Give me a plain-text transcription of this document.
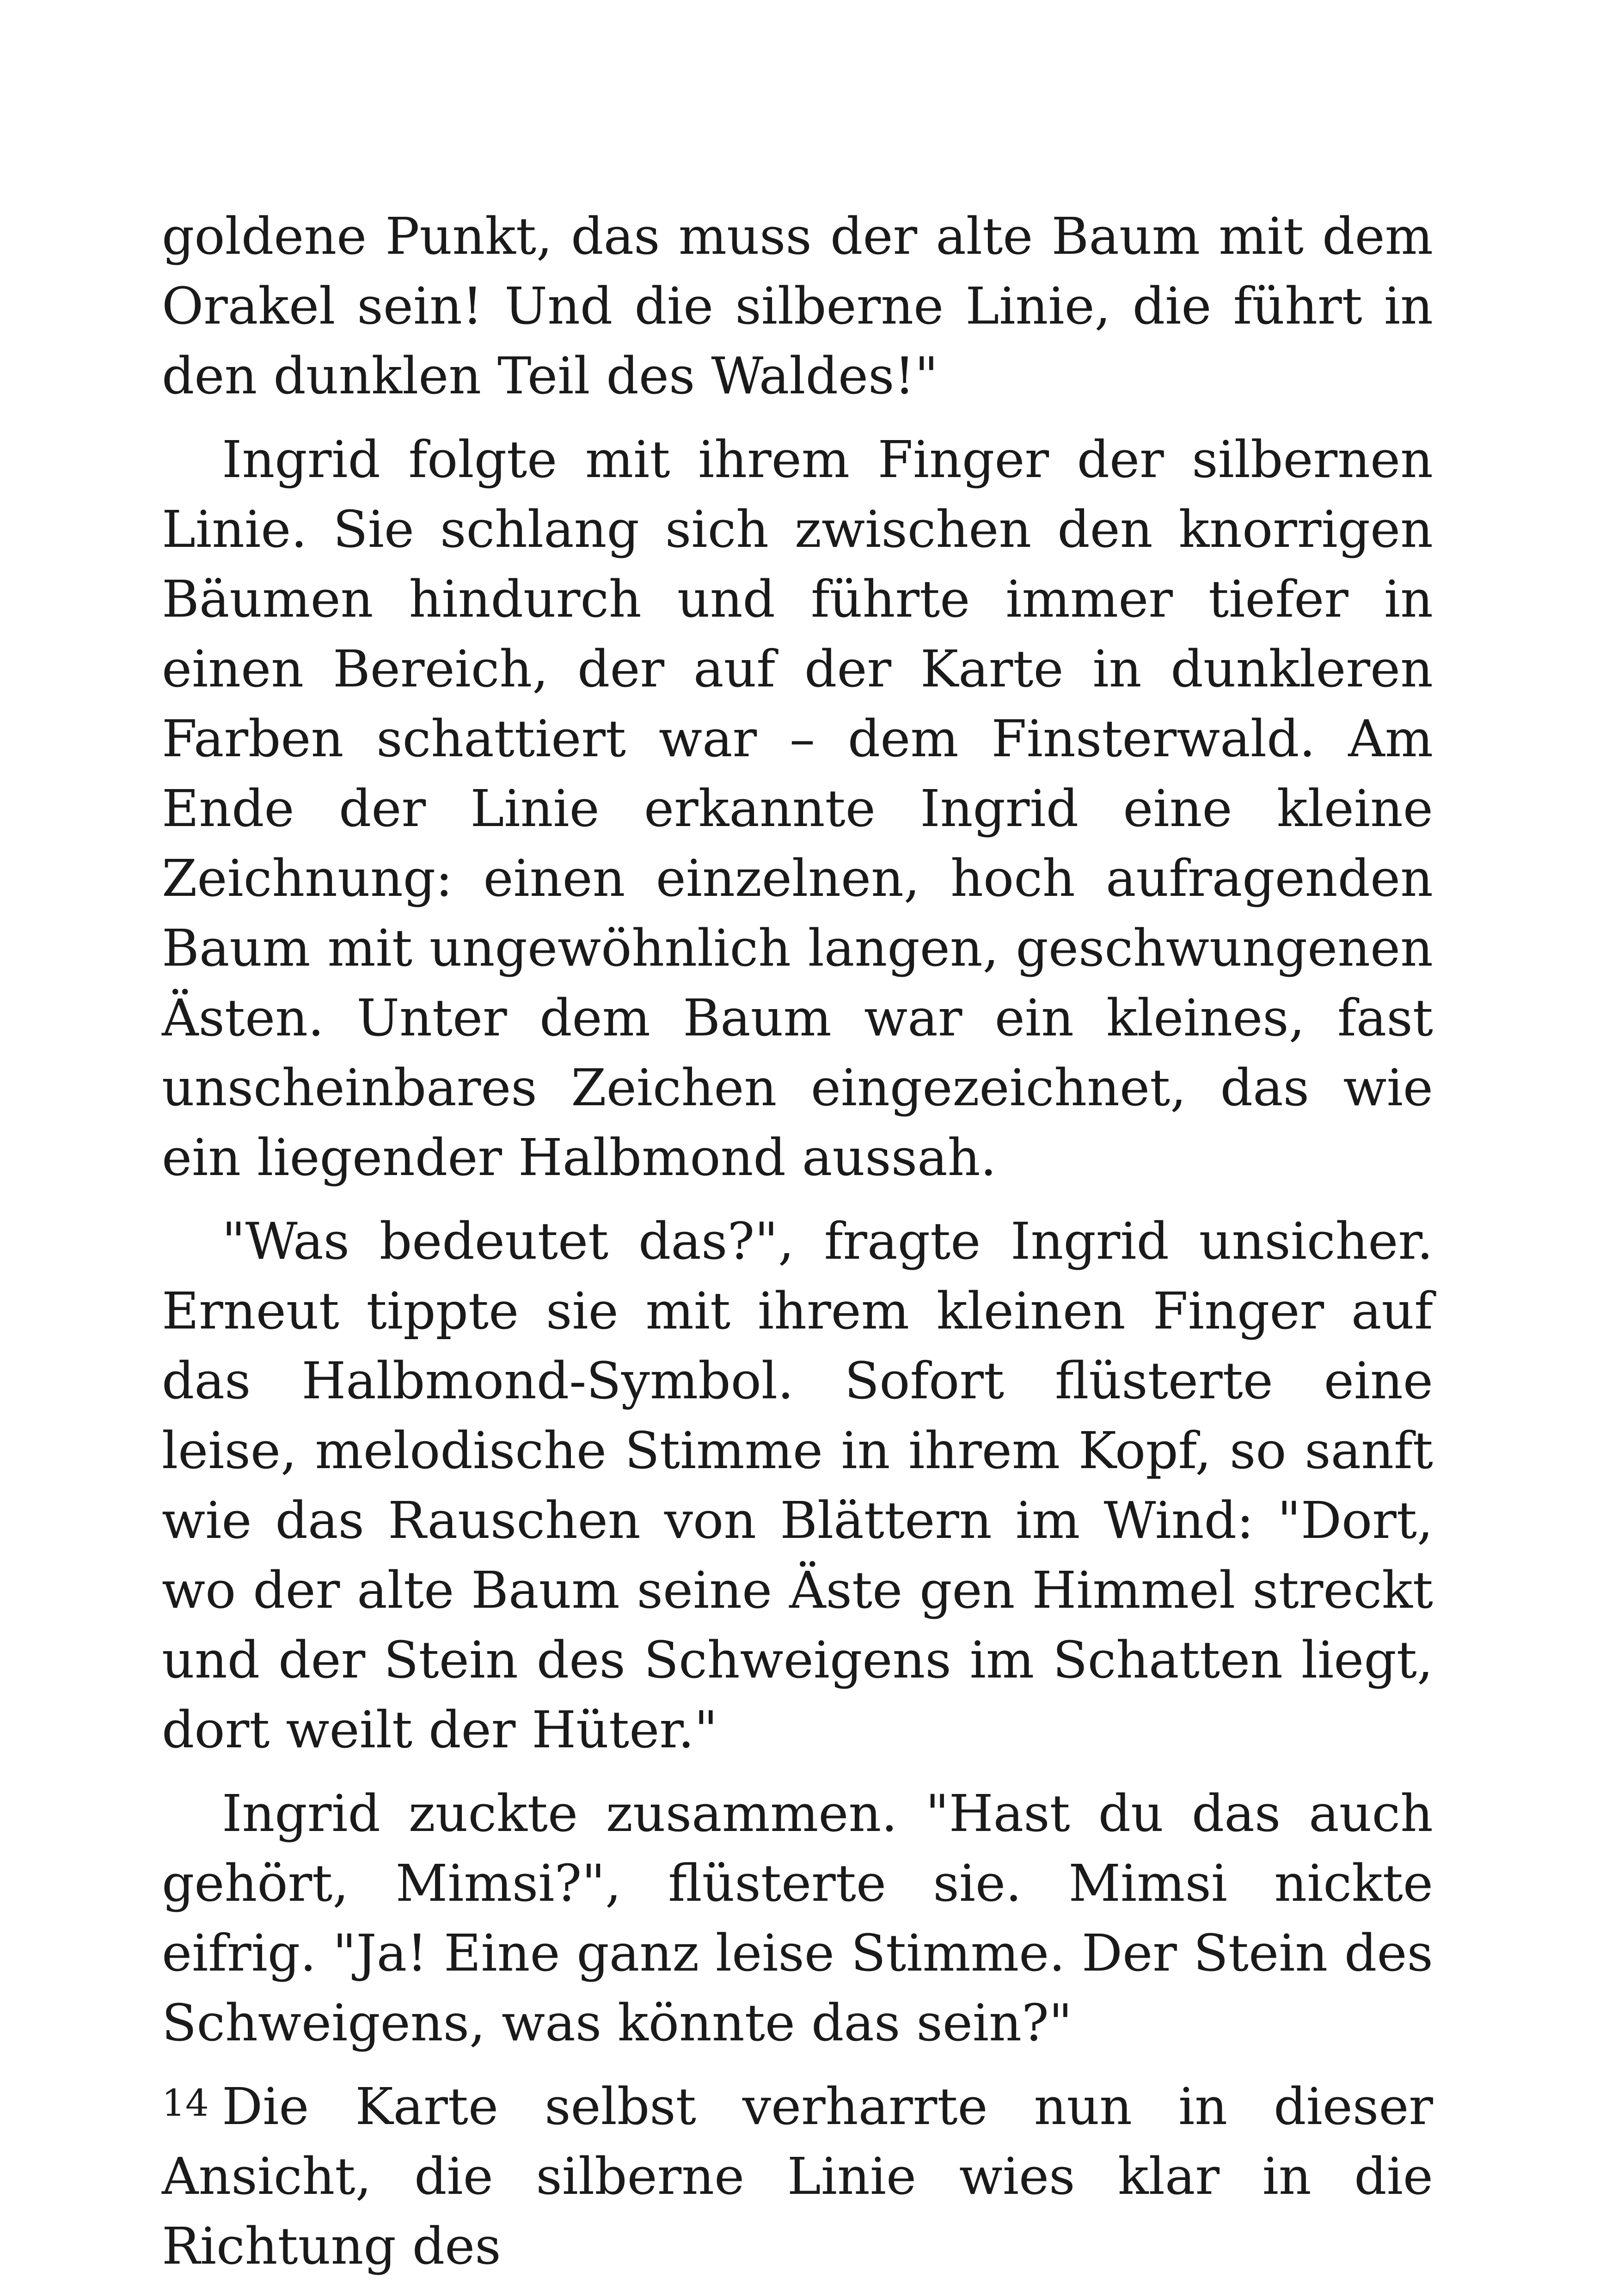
goldene Punkt, das muss der alte Baum mit dem Orakel sein! Und die silberne Linie, die führt in den dunklen Teil des Waldes!"

Ingrid folgte mit ihrem Finger der silbernen Linie. Sie schlang sich zwischen den knorrigen Bäumen hindurch und führte immer tiefer in einen Bereich, der auf der Karte in dunkleren Farben schattiert war – dem Finsterwald. Am Ende der Linie erkannte Ingrid eine kleine Zeichnung: einen einzelnen, hoch aufragenden Baum mit ungewöhnlich langen, geschwungenen Ästen. Unter dem Baum war ein kleines, fast unscheinbares Zeichen eingezeichnet, das wie ein liegender Halbmond aussah.

"Was bedeutet das?", fragte Ingrid unsicher. Erneut tippte sie mit ihrem kleinen Finger auf das Halbmond-Symbol. Sofort flüsterte eine leise, melodische Stimme in ihrem Kopf, so sanft wie das Rauschen von Blättern im Wind: "Dort, wo der alte Baum seine Äste gen Himmel streckt und der Stein des Schweigens im Schatten liegt, dort weilt der Hüter."

Ingrid zuckte zusammen. "Hast du das auch gehört, Mimsi?", flüsterte sie. Mimsi nickte eifrig. "Ja! Eine ganz leise Stimme. Der Stein des Schweigens, was könnte das sein?"

Die Karte selbst verharrte nun in dieser Ansicht, die silberne Linie wies klar in die Richtung des

14
